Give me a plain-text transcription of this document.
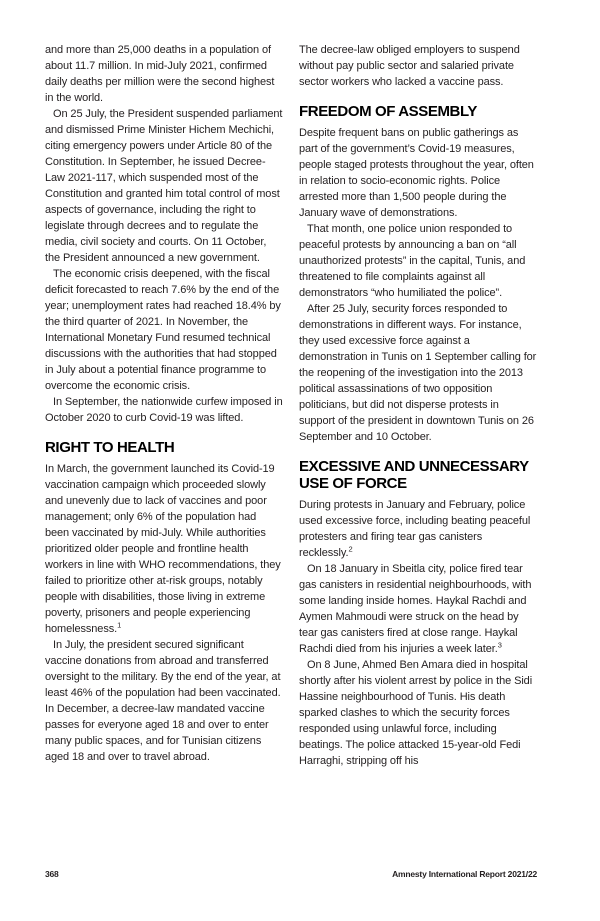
and more than 25,000 deaths in a population of about 11.7 million. In mid-July 2021, confirmed daily deaths per million were the second highest in the world.

On 25 July, the President suspended parliament and dismissed Prime Minister Hichem Mechichi, citing emergency powers under Article 80 of the Constitution. In September, he issued Decree-Law 2021-117, which suspended most of the Constitution and granted him total control of most aspects of governance, including the right to legislate through decrees and to regulate the media, civil society and courts. On 11 October, the President announced a new government.

The economic crisis deepened, with the fiscal deficit forecasted to reach 7.6% by the end of the year; unemployment rates had reached 18.4% by the third quarter of 2021. In November, the International Monetary Fund resumed technical discussions with the authorities that had stopped in July about a potential finance programme to overcome the economic crisis.

In September, the nationwide curfew imposed in October 2020 to curb Covid-19 was lifted.

RIGHT TO HEALTH

In March, the government launched its Covid-19 vaccination campaign which proceeded slowly and unevenly due to lack of vaccines and poor management; only 6% of the population had been vaccinated by mid-July. While authorities prioritized older people and frontline health workers in line with WHO recommendations, they failed to prioritize other at-risk groups, notably people with disabilities, those living in extreme poverty, prisoners and people experiencing homelessness.$^1$

In July, the president secured significant vaccine donations from abroad and transferred oversight to the military. By the end of the year, at least 46% of the population had been vaccinated. In December, a decree-law mandated vaccine passes for everyone aged 18 and over to enter many public spaces, and for Tunisian citizens aged 18 and over to travel abroad.

The decree-law obliged employers to suspend without pay public sector and salaried private sector workers who lacked a vaccine pass.

FREEDOM OF ASSEMBLY

Despite frequent bans on public gatherings as part of the government’s Covid-19 measures, people staged protests throughout the year, often in relation to socio-economic rights. Police arrested more than 1,500 people during the January wave of demonstrations.

That month, one police union responded to peaceful protests by announcing a ban on “all unauthorized protests” in the capital, Tunis, and threatened to file complaints against all demonstrators “who humiliated the police”.

After 25 July, security forces responded to demonstrations in different ways. For instance, they used excessive force against a demonstration in Tunis on 1 September calling for the reopening of the investigation into the 2013 political assassinations of two opposition politicians, but did not disperse protests in support of the president in downtown Tunis on 26 September and 10 October.

EXCESSIVE AND UNNECESSARY USE OF FORCE

During protests in January and February, police used excessive force, including beating peaceful protesters and firing tear gas canisters recklessly.$^2$

On 18 January in Sbeitla city, police fired tear gas canisters in residential neighbourhoods, with some landing inside homes. Haykal Rachdi and Aymen Mahmoudi were struck on the head by tear gas canisters fired at close range. Haykal Rachdi died from his injuries a week later.$^3$

On 8 June, Ahmed Ben Amara died in hospital shortly after his violent arrest by police in the Sidi Hassine neighbourhood of Tunis. His death sparked clashes to which the security forces responded using unlawful force, including beatings. The police attacked 15-year-old Fedi Harraghi, stripping off his

368	Amnesty International Report 2021/22
